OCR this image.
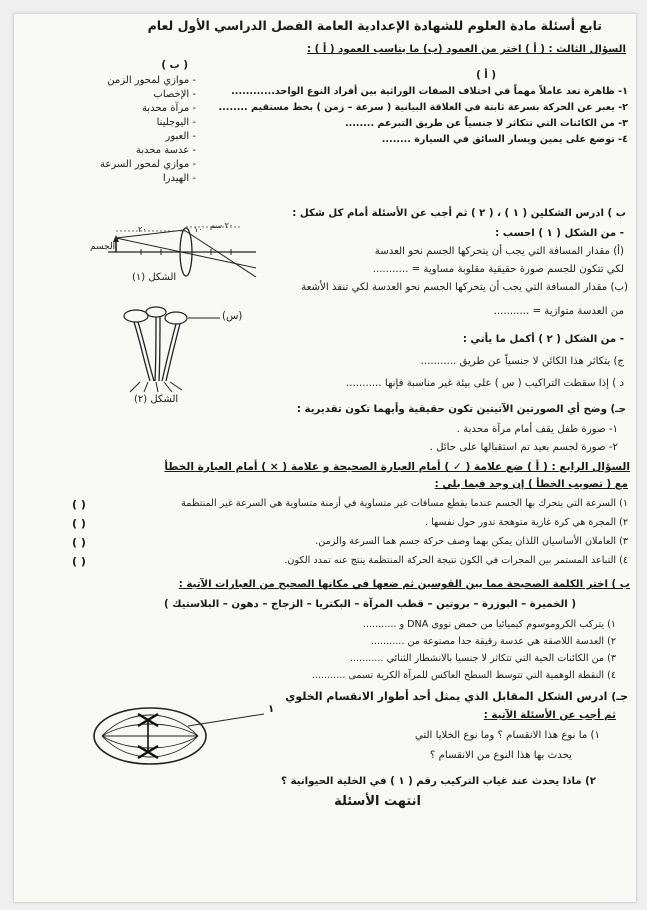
تابع أسئلة مادة العلوم للشهادة الإعدادية العامة الفصل الدراسي الأول لعام
السؤال الثالث : ( أ ) اختر من العمود (ب) ما يناسب العمود ( أ ) :
( ب )
( أ )
- موازي لمحور الزمن
- الإخصاب
- مرآة محدبة
- اليوجلينا
- العبور
- عدسة محدبة
- موازي لمحور السرعة
- الهيدرا
١- ظاهرة تعد عاملاً مهماً في اختلاف الصفات الوراثية بين أفراد النوع الواحد............
٢- يعبر عن الحركة بسرعة ثابتة في العلاقة البيانية ( سرعة – زمن ) بخط مستقيم ........
٣- من الكائنات التي تتكاثر لا جنسياً عن طريق التبرعم ........
٤- توضع على يمين ويسار السائق في السيارة ........
ب ) ادرس الشكلين ( ١ ) ، ( ٢ ) ثم أجب عن الأسئلة أمام كل شكل :
٢٠ سم
٢٠	١٠
الجسم
الشكل (١)
- من الشكل ( ١ ) احسب :
(أ) مقدار المسافة التي يجب أن يتحركها الجسم نحو العدسة
لكي تتكون للجسم صورة حقيقية مقلوبة مساوية = ...........
(ب) مقدار المسافة التي يجب أن يتحركها الجسم نحو العدسة لكي تنفذ الأشعة
من العدسة متوازية = ...........
(س)
الشكل (٢)
- من الشكل ( ٢ ) أكمل ما يأتي :
ج) يتكاثر هذا الكائن لا جنسياً عن طريق ...........
د ) إذا سقطت التراكيب ( س ) على بيئة غير مناسبة فإنها ...........
جـ) وضح أي الصورتين الآتيتين تكون حقيقية وأيهما تكون تقديرية :
١- صورة طفل يقف أمام مرآة محدبة .
٢- صورة لجسم بعيد تم استقبالها على حائل .
السؤال الرابع : ( أ ) ضع علامة ( ✓ ) أمام العبارة الصحيحة و علامة ( × ) أمام العبارة الخطأ
مع ( تصويب الخطأ ) إن وجد فيما يلي :
١) السرعة التي يتحرك بها الجسم عندما يقطع مسافات غير متساوية في أزمنة متساوية هي السرعة غير المنتظمة
٢) المجرة هي كرة غازية متوهجة تدور حول نفسها .
٣) العاملان الأساسيان اللذان يمكن بهما وصف حركة جسم هما السرعة والزمن.
٤) التباعد المستمر بين المجرات في الكون نتيجة الحركة المنتظمة ينتج عنه تمدد الكون.
( )
( )
( )
( )
ب ) اختر الكلمة الصحيحة مما بين القوسين ثم ضعها في مكانها الصحيح من العبارات الآتية :
( الخميرة – البوزرة – بروتين – قطب المرآة – البكتريا – الزجاج – دهون – البلاستيك )
١) يتركب الكروموسوم كيميائيا من حمض نووي DNA و ...........
٢) العدسة اللاصقة هي عدسة رقيقة جدا مصنوعة من ...........
٣) من الكائنات الحية التي تتكاثر لا جنسيا بالانشطار الثنائي ...........
٤) النقطة الوهمية التي تتوسط السطح العاكس للمرآة الكرية تسمى ...........
جـ) ادرس الشكل المقابل الذي يمثل أحد أطوار الانقسام الخلوي
ثم أجب عن الأسئلة الآتية :
١) ما نوع هذا الانقسام ؟ وما نوع الخلايا التي
يحدث بها هذا النوع من الانقسام ؟
١
٢) ماذا يحدث عند غياب التركيب رقم ( ١ ) في الخلية الحيوانية ؟
انتهت الأسئلة
